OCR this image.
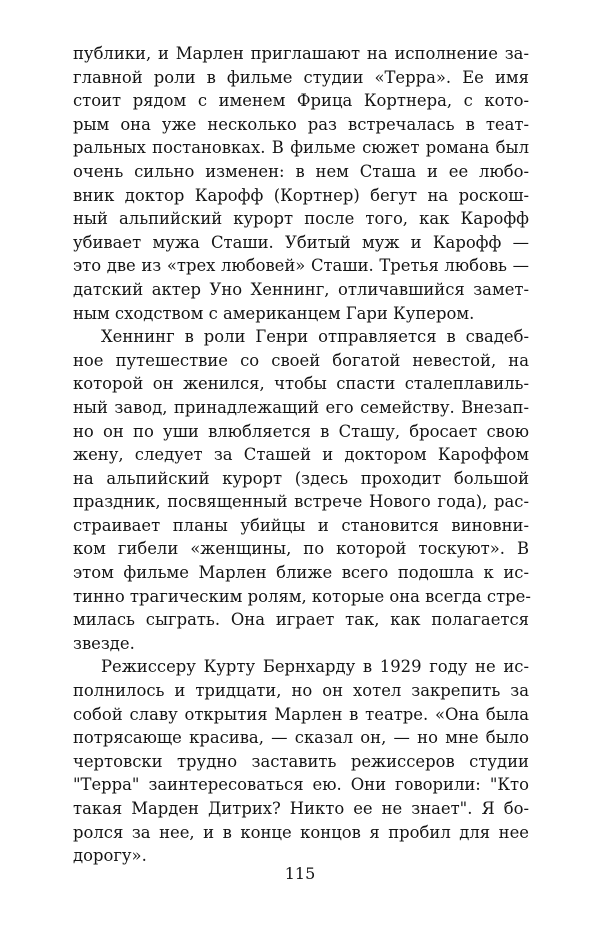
публики, и Марлен приглашают на исполнение за-
главной роли в фильме студии «Терра». Ее имя
стоит рядом с именем Фрица Кортнера, с кото-
рым она уже несколько раз встречалась в теат-
ральных постановках. В фильме сюжет романа был
очень сильно изменен: в нем Сташа и ее любо-
вник доктор Карофф (Кортнер) бегут на роскош-
ный альпийский курорт после того, как Карофф
убивает мужа Сташи. Убитый муж и Карофф —
это две из «трех любовей» Сташи. Третья любовь —
датский актер Уно Хеннинг, отличавшийся замет-
ным сходством с американцем Гари Купером.
Хеннинг в роли Генри отправляется в свадеб-
ное путешествие со своей богатой невестой, на
которой он женился, чтобы спасти сталеплавиль-
ный завод, принадлежащий его семейству. Внезап-
но он по уши влюбляется в Сташу, бросает свою
жену, следует за Сташей и доктором Кароффом
на альпийский курорт (здесь проходит большой
праздник, посвященный встрече Нового года), рас-
страивает планы убийцы и становится виновни-
ком гибели «женщины, по которой тоскуют». В
этом фильме Марлен ближе всего подошла к ис-
тинно трагическим ролям, которые она всегда стре-
милась сыграть. Она играет так, как полагается
звезде.
Режиссеру Курту Бернхарду в 1929 году не ис-
полнилось и тридцати, но он хотел закрепить за
собой славу открытия Марлен в театре. «Она была
потрясающе красива, — сказал он, — но мне было
чертовски трудно заставить режиссеров студии
"Терра" заинтересоваться ею. Они говорили: "Кто
такая Марден Дитрих? Никто ее не знает". Я бо-
ролся за нее, и в конце концов я пробил для нее
дорогу».
115
